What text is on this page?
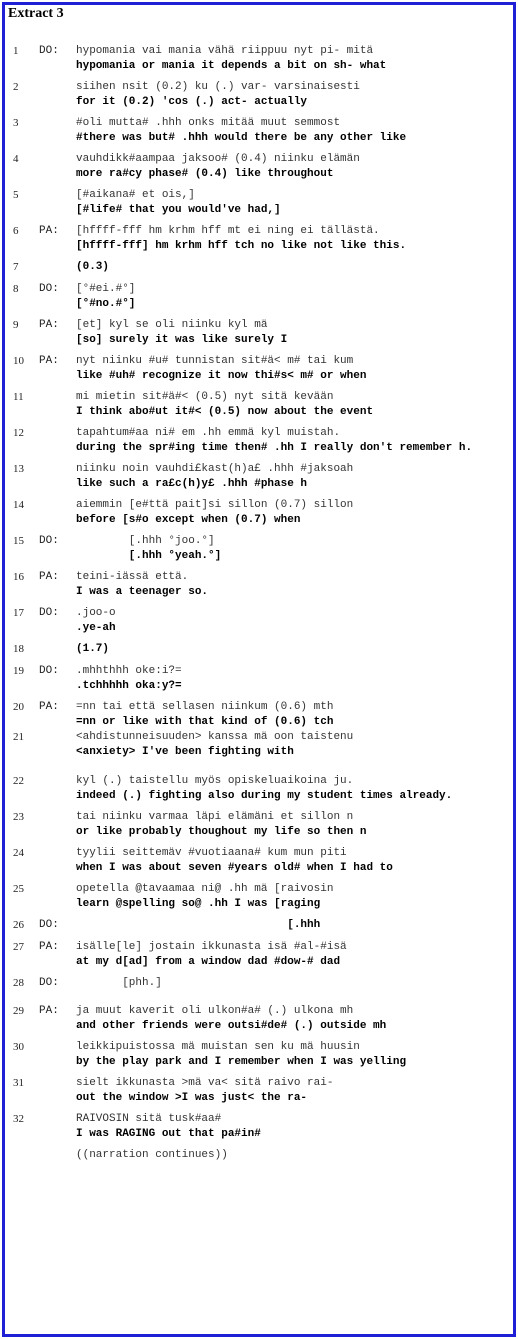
Extract 3
1 DO: hypomania vai mania vähä riippuu nyt pi- mitä
hypomania or mania it depends a bit on sh- what
2	siihen nsit (0.2) ku (.) var- varsinaisesti
for it (0.2) 'cos (.) act- actually
3	#oli mutta# .hhh onks mitää muut semmost
#there was but# .hhh would there be any other like
4	vauhdikk#aampaa jaksoo# (0.4) niinku elämän
more ra#cy phase# (0.4) like throughout
5	[#aikana# et ois,]
[#life# that you would've had,]
6 PA: [hffff-fff hm krhm hff mt ei ning ei tällästä.
[hffff-fff] hm krhm hff tch no like not like this.
7	(0.3)
8 DO: [°#ei.#°]
[°#no.#°]
9 PA: [et] kyl se oli niinku kyl mä
[so] surely it was like surely I
10 PA: nyt niinku #u# tunnistan sit#ä< m# tai kum
like #uh# recognize it now thi#s< m# or when
11	mi mietin sit#ä#< (0.5) nyt sitä kevään
I think abo#ut it#< (0.5) now about the event
12	tapahtum#aa ni# em .hh emmä kyl muistah.
during the spr#ing time then# .hh I really don't remember h.
13	niinku noin vauhdi£kast(h)a£ .hhh #jaksoah
like such a ra£c(h)y£ .hhh #phase h
14	aiemmin [e#ttä pait]si sillon (0.7) sillon
before [s#o except when (0.7) when
15 DO: [.hhh °joo.°]
[.hhh °yeah.°]
16 PA: teini-iässä että.
I was a teenager so.
17 DO: .joo-o
.ye-ah
18	(1.7)
19 DO: .mhhthhh oke:i?=
.tchhhhh oka:y?=
20 PA: =nn tai että sellasen niinkum (0.6) mth
=nn or like with that kind of (0.6) tch
21	<ahdistunneisuuden> kanssa mä oon taistenu
<anxiety> I've been fighting with
22	kyl (.) taistellu myös opiskeluaikoina ju.
indeed (.) fighting also during my student times already.
23	tai niinku varmaa läpi elämäni et sillon n
or like probably thoughout my life so then n
24	tyylii seittemäv #vuotiaana# kum mun piti
when I was about seven #years old# when I had to
25	opetella @tavaamaa ni@ .hh mä [raivosin
learn @spelling so@ .hh I was [raging
26 DO: [.hhh
27 PA: isälle[le] jostain ikkunasta isä #al-#isä
at my d[ad] from a window dad #dow-# dad
28 DO: [phh.]
29 PA: ja muut kaverit oli ulkon#a# (.) ulkona mh
and other friends were outsi#de# (.) outside mh
30	leikkipuistossa mä muistan sen ku mä huusin
by the play park and I remember when I was yelling
31	sielt ikkunasta >mä va< sitä raivo rai-
out the window >I was just< the ra-
32	RAIVOSIN sitä tusk#aa#
I was RAGING out that pa#in#
((narration continues))
